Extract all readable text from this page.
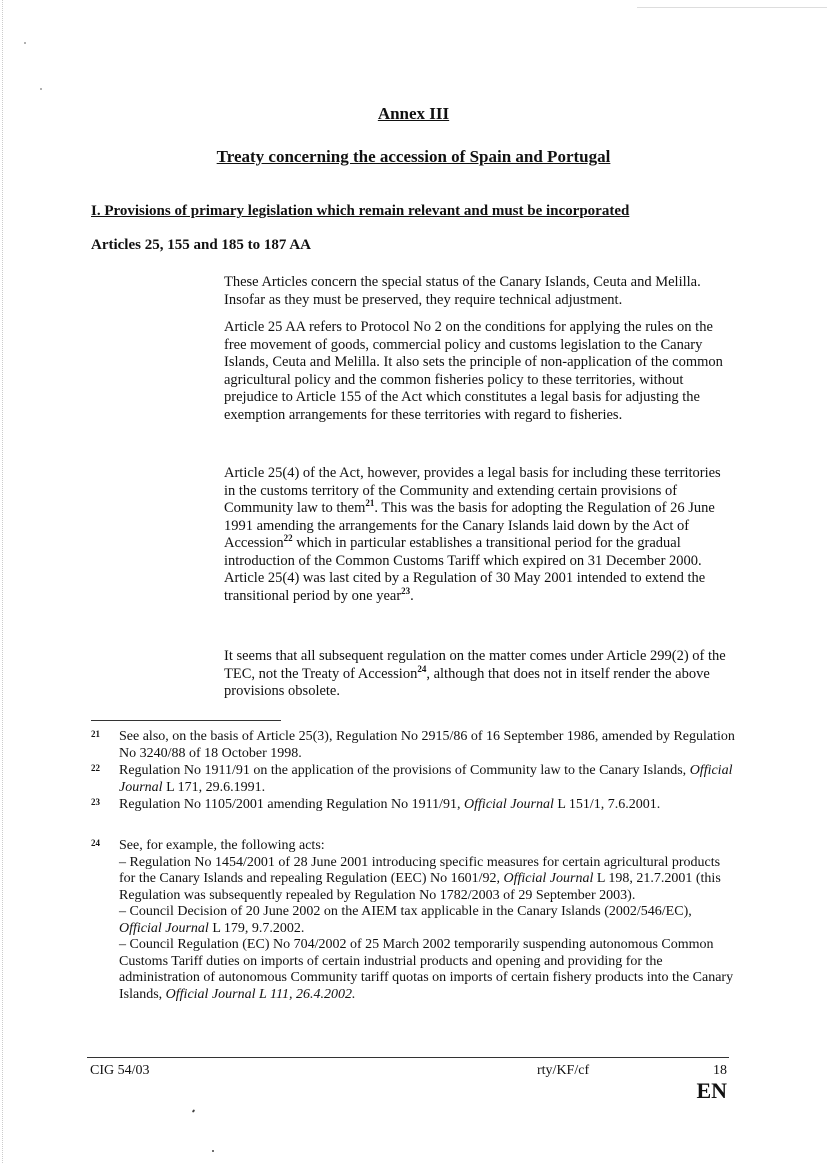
Annex III
Treaty concerning the accession of Spain and Portugal
I. Provisions of primary legislation which remain relevant and must be incorporated
Articles 25, 155 and 185 to 187 AA

These Articles concern the special status of the Canary Islands, Ceuta and Melilla. Insofar as they must be preserved, they require technical adjustment.

Article 25 AA refers to Protocol No 2 on the conditions for applying the rules on the free movement of goods, commercial policy and customs legislation to the Canary Islands, Ceuta and Melilla. It also sets the principle of non-application of the common agricultural policy and the common fisheries policy to these territories, without prejudice to Article 155 of the Act which constitutes a legal basis for adjusting the exemption arrangements for these territories with regard to fisheries.

Article 25(4) of the Act, however, provides a legal basis for including these territories in the customs territory of the Community and extending certain provisions of Community law to them$^{21}$. This was the basis for adopting the Regulation of 26 June 1991 amending the arrangements for the Canary Islands laid down by the Act of Accession$^{22}$ which in particular establishes a transitional period for the gradual introduction of the Common Customs Tariff which expired on 31 December 2000. Article 25(4) was last cited by a Regulation of 30 May 2001 intended to extend the transitional period by one year$^{23}$.

It seems that all subsequent regulation on the matter comes under Article 299(2) of the TEC, not the Treaty of Accession$^{24}$, although that does not in itself render the above provisions obsolete.

21 See also, on the basis of Article 25(3), Regulation No 2915/86 of 16 September 1986, amended by Regulation No 3240/88 of 18 October 1998.
22 Regulation No 1911/91 on the application of the provisions of Community law to the Canary Islands, Official Journal L 171, 29.6.1991.
23 Regulation No 1105/2001 amending Regulation No 1911/91, Official Journal L 151/1, 7.6.2001.
24 See, for example, the following acts:
– Regulation No 1454/2001 of 28 June 2001 introducing specific measures for certain agricultural products for the Canary Islands and repealing Regulation (EEC) No 1601/92, Official Journal L 198, 21.7.2001 (this Regulation was subsequently repealed by Regulation No 1782/2003 of 29 September 2003).
– Council Decision of 20 June 2002 on the AIEM tax applicable in the Canary Islands (2002/546/EC), Official Journal L 179, 9.7.2002.
– Council Regulation (EC) No 704/2002 of 25 March 2002 temporarily suspending autonomous Common Customs Tariff duties on imports of certain industrial products and opening and providing for the administration of autonomous Community tariff quotas on imports of certain fishery products into the Canary Islands, Official Journal L 111, 26.4.2002.
CIG 54/03	rty/KF/cf	18
EN
